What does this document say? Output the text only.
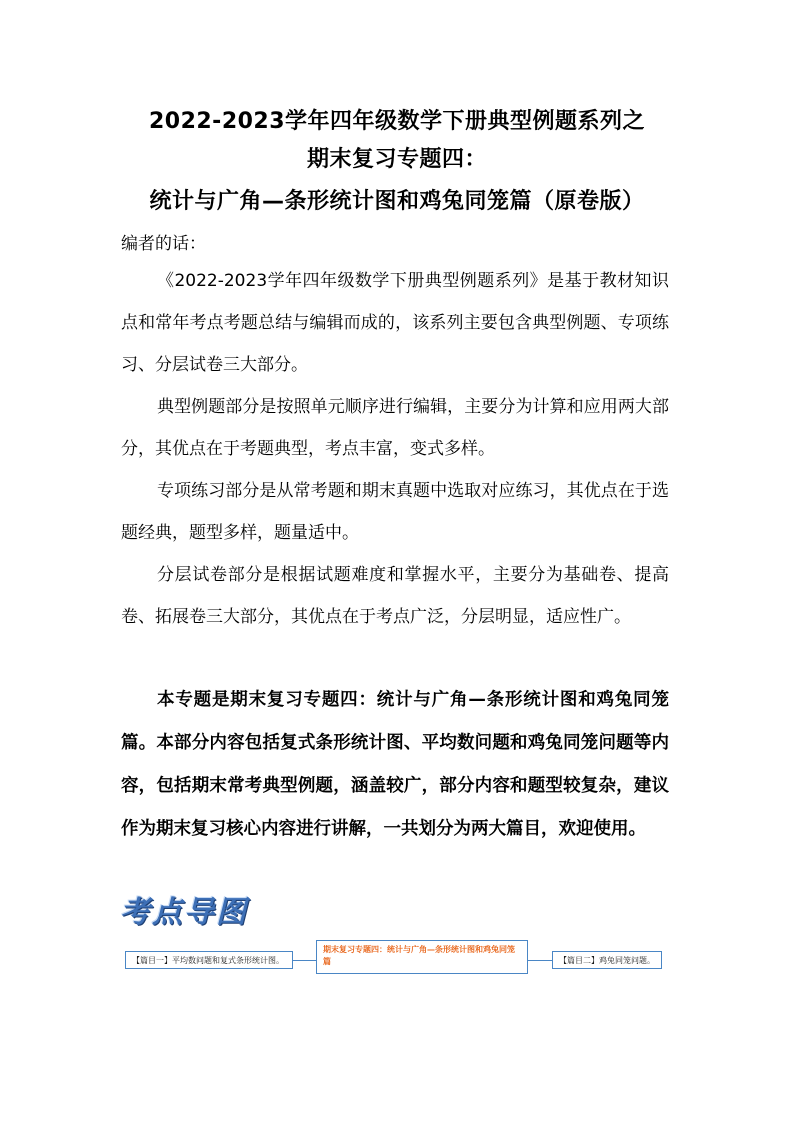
2022-2023学年四年级数学下册典型例题系列之
期末复习专题四：
统计与广角—条形统计图和鸡兔同笼篇（原卷版）

编者的话：

《2022-2023学年四年级数学下册典型例题系列》是基于教材知识点和常年考点考题总结与编辑而成的，该系列主要包含典型例题、专项练习、分层试卷三大部分。

典型例题部分是按照单元顺序进行编辑，主要分为计算和应用两大部分，其优点在于考题典型，考点丰富，变式多样。

专项练习部分是从常考题和期末真题中选取对应练习，其优点在于选题经典，题型多样，题量适中。

分层试卷部分是根据试题难度和掌握水平，主要分为基础卷、提高卷、拓展卷三大部分，其优点在于考点广泛，分层明显，适应性广。

本专题是期末复习专题四：统计与广角—条形统计图和鸡兔同笼篇。本部分内容包括复式条形统计图、平均数问题和鸡兔同笼问题等内容，包括期末常考典型例题，涵盖较广，部分内容和题型较复杂，建议作为期末复习核心内容进行讲解，一共划分为两大篇目，欢迎使用。

考点导图
【篇目一】平均数问题和复式条形统计图。
期末复习专题四：统计与广角—条形统计图和鸡兔同笼篇	【篇目二】鸡兔同笼问题。
